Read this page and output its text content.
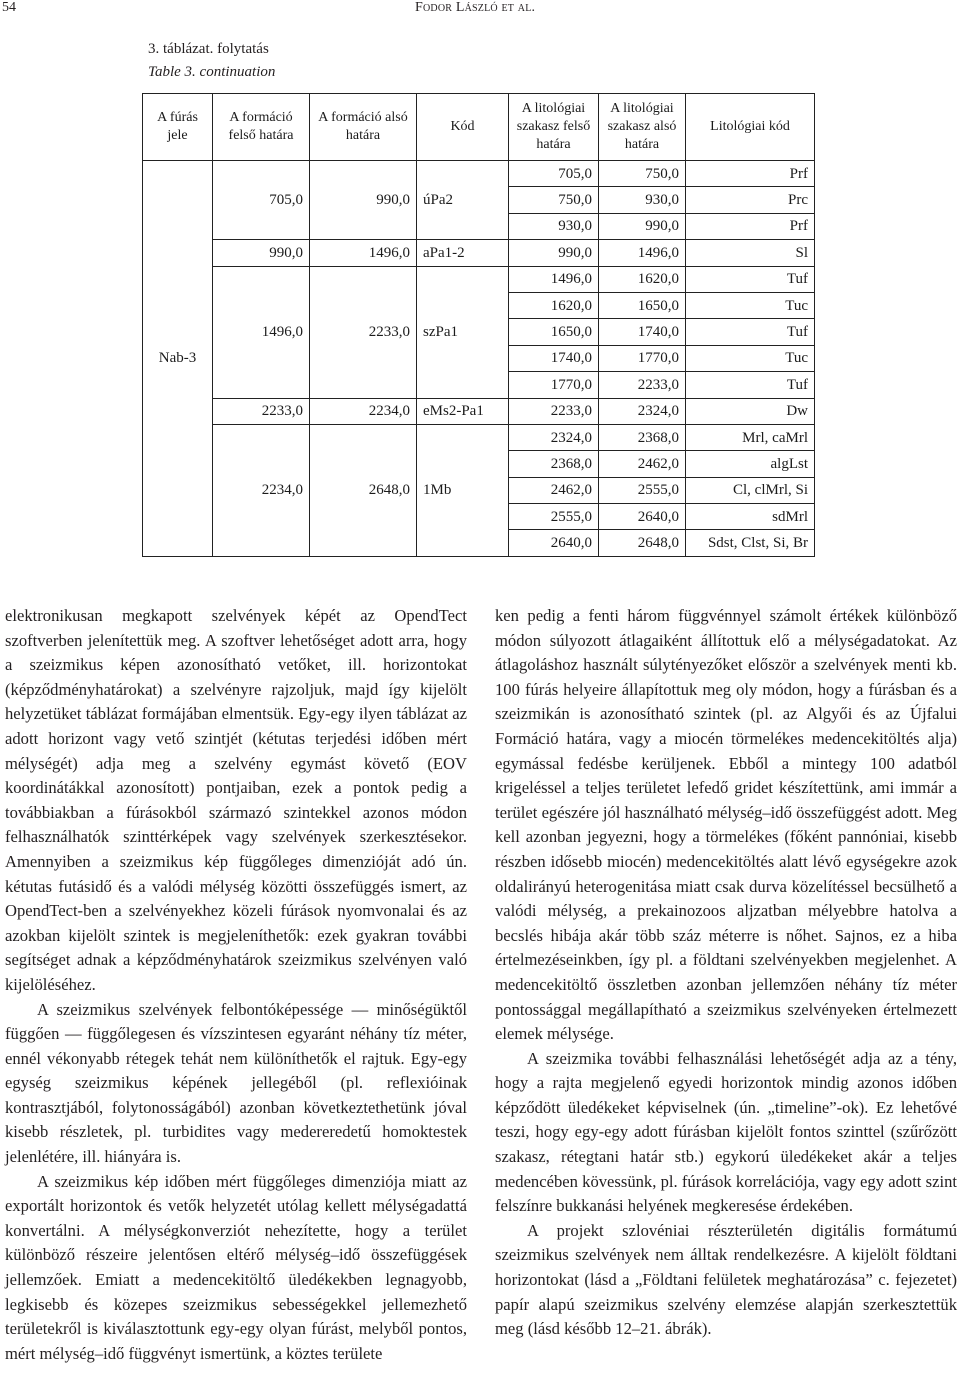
54	Fodor László et al.
3. táblázat. folytatás
Table 3. continuation
A fúrás jele	A formáció felső határa	A formáció alsó határa	Kód	A litológiai szakasz felső határa	A litológiai szakasz alsó határa	Litológiai kód
Nab-3	705,0	990,0	úPa2	705,0	750,0	Prf
				750,0	930,0	Prc
				930,0	990,0	Prf
	990,0	1496,0	aPa1-2	990,0	1496,0	Sl
	1496,0	2233,0	szPa1	1496,0	1620,0	Tuf
				1620,0	1650,0	Tuc
				1650,0	1740,0	Tuf
				1740,0	1770,0	Tuc
				1770,0	2233,0	Tuf
	2233,0	2234,0	eMs2-Pa1	2233,0	2324,0	Dw
	2234,0	2648,0	1Mb	2324,0	2368,0	Mrl, caMrl
				2368,0	2462,0	algLst
				2462,0	2555,0	Cl, clMrl, Si
				2555,0	2640,0	sdMrl
				2640,0	2648,0	Sdst, Clst, Si, Br

elektronikusan megkapott szelvények képét az OpendTect szoftverben jelenítettük meg. A szoftver lehetőséget adott arra, hogy a szeizmikus képen azonosítható vetőket, ill. horizontokat (képződményhatárokat) a szelvényre rajzoljuk, majd így kijelölt helyzetüket táblázat formájában elmentsük. Egy-egy ilyen táblázat az adott horizont vagy vető szintjét (kétutas terjedési időben mért mélységét) adja meg a szelvény egymást követő (EOV koordinátákkal azonosított) pontjaiban, ezek a pontok pedig a továbbiakban a fúrásokból származó szintekkel azonos módon felhasználhatók szinttérképek vagy szelvények szerkesztésekor. Amennyiben a szeizmikus kép függőleges dimenzióját adó ún. kétutas futásidő és a valódi mélység közötti összefüggés ismert, az OpendTect-ben a szelvényekhez közeli fúrások nyomvonalai és az azokban kijelölt szintek is megjeleníthetők: ezek gyakran további segítséget adnak a képződményhatárok szeizmikus szelvényen való kijelöléséhez.

A szeizmikus szelvények felbontóképessége — minőségüktől függően — függőlegesen és vízszintesen egyaránt néhány tíz méter, ennél vékonyabb rétegek tehát nem különíthetők el rajtuk. Egy-egy egység szeizmikus képének jellegéből (pl. reflexióinak kontrasztjából, folytonosságából) azonban következtethetünk jóval kisebb részletek, pl. turbidites vagy medereredetű homoktestek jelenlétére, ill. hiányára is.

A szeizmikus kép időben mért függőleges dimenziója miatt az exportált horizontok és vetők helyzetét utólag kellett mélységadattá konvertálni. A mélységkonverziót nehezítette, hogy a terület különböző részeire jelentősen eltérő mélység–idő összefüggések jellemzőek. Emiatt a medencekitöltő üledékekben legnagyobb, legkisebb és közepes szeizmikus sebességekkel jellemezhető területekről is kiválasztottunk egy-egy olyan fúrást, melyből pontos, mért mélység–idő függvényt ismertünk, a köztes területe

ken pedig a fenti három függvénnyel számolt értékek különböző módon súlyozott átlagaiként állítottuk elő a mélységadatokat. Az átlagoláshoz használt súlytényezőket először a szelvények menti kb. 100 fúrás helyeire állapítottuk meg oly módon, hogy a fúrásban és a szeizmikán is azonosítható szintek (pl. az Algyői és az Újfalui Formáció határa, vagy a miocén törmelékes medencekitöltés alja) egymással fedésbe kerüljenek. Ebből a mintegy 100 adatból krigeléssel a teljes területet lefedő gridet készítettünk, ami immár a terület egészére jól használható mélység–idő összefüggést adott. Meg kell azonban jegyezni, hogy a törmelékes (főként pannóniai, kisebb részben idősebb miocén) medencekitöltés alatt lévő egységekre azok oldalirányú heterogenitása miatt csak durva közelítéssel becsülhető a valódi mélység, a prekainozoos aljzatban mélyebbre hatolva a becslés hibája akár több száz méterre is nőhet. Sajnos, ez a hiba értelmezéseinkben, így pl. a földtani szelvényekben megjelenhet. A medencekitöltő összletben azonban jellemzően néhány tíz méter pontossággal megállapítható a szeizmikus szelvényeken értelmezett elemek mélysége.

A szeizmika további felhasználási lehetőségét adja az a tény, hogy a rajta megjelenő egyedi horizontok mindig azonos időben képződött üledékeket képviselnek (ún. „timeline”-ok). Ez lehetővé teszi, hogy egy-egy adott fúrásban kijelölt fontos szinttel (szűrőzött szakasz, rétegtani határ stb.) egykorú üledékeket akár a teljes medencében kövessünk, pl. fúrások korrelációja, vagy egy adott szint felszínre bukkanási helyének megkeresése érdekében.

A projekt szlovéniai részterületén digitális formátumú szeizmikus szelvények nem álltak rendelkezésre. A kijelölt földtani horizontokat (lásd a „Földtani felületek meghatározása” c. fejezetet) papír alapú szeizmikus szelvény elemzése alapján szerkesztettük meg (lásd később 12–21. ábrák).
